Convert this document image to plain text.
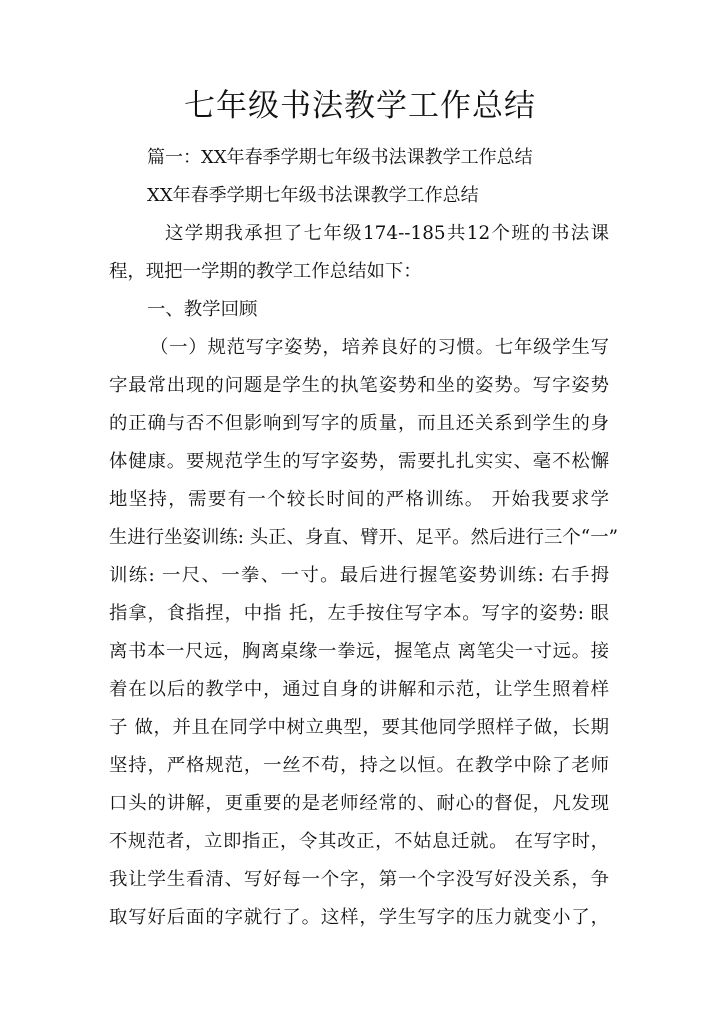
七年级书法教学工作总结
篇一：XX年春季学期七年级书法课教学工作总结
XX年春季学期七年级书法课教学工作总结
这学期我承担了七年级174--185共12个班的书法课
程，现把一学期的教学工作总结如下：
一、教学回顾
（一）规范写字姿势，培养良好的习惯。七年级学生写
字最常出现的问题是学生的执笔姿势和坐的姿势。写字姿势
的正确与否不但影响到写字的质量，而且还关系到学生的身
体健康。要规范学生的写字姿势，需要扎扎实实、毫不松懈
地坚持，需要有一个较长时间的严格训练。 开始我要求学
生进行坐姿训练: 头正、身直、臂开、足平。然后进行三个“一”
训练: 一尺、一拳、一寸。最后进行握笔姿势训练: 右手拇
指拿，食指捏，中指 托，左手按住写字本。写字的姿势: 眼
离书本一尺远，胸离桌缘一拳远，握笔点 离笔尖一寸远。接
着在以后的教学中，通过自身的讲解和示范，让学生照着样
子 做，并且在同学中树立典型，要其他同学照样子做，长期
坚持，严格规范，一丝不苟，持之以恒。在教学中除了老师
口头的讲解，更重要的是老师经常的、耐心的督促，凡发现
不规范者，立即指正，令其改正，不姑息迁就。 在写字时，
我让学生看清、写好每一个字，第一个字没写好没关系，争
取写好后面的字就行了。这样，学生写字的压力就变小了，
